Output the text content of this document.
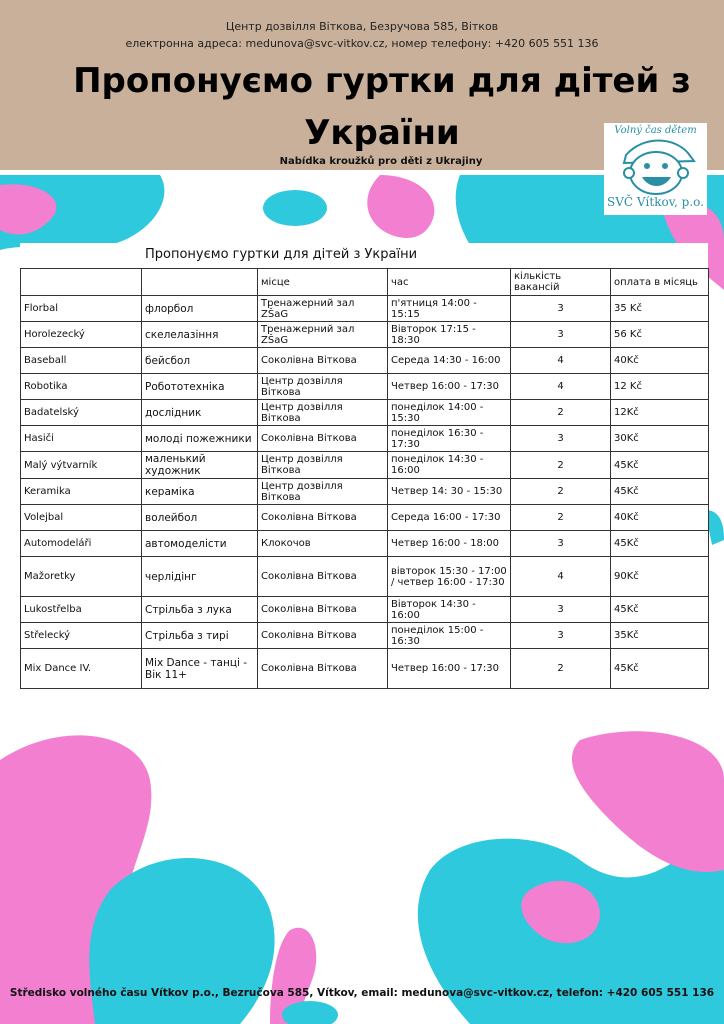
Центр дозвілля Віткова, Безручова 585, Вітков
електронна адреса: medunova@svc-vitkov.cz, номер телефону: +420 605 551 136
Пропонуємо гуртки для дітей з України
Nabídka kroužků pro děti z Ukrajiny
Volný čas dětem
SVČ Vítkov, p.o.
Пропонуємо гуртки для дітей з України
		місце	час	кількість вакансій	оплата в місяць
Florbal	флорбол	Тренажерний зал ZŠaG	п'ятниця 14:00 - 15:15	3	35 Kč
Horolezecký	скелелазіння	Тренажерний зал ZŠaG	Вівторок 17:15 - 18:30	3	56 Kč
Baseball	бейсбол	Соколівна Віткова	Середа 14:30 - 16:00	4	40Kč
Robotika	Робототехніка	Центр дозвілля Віткова	Четвер 16:00 - 17:30	4	12 Kč
Badatelský	дослідник	Центр дозвілля Віткова	понеділок 14:00 - 15:30	2	12Kč
Hasiči	молоді пожежники	Соколівна Віткова	понеділок 16:30 - 17:30	3	30Kč
Malý výtvarník	маленький художник	Центр дозвілля Віткова	понеділок 14:30 - 16:00	2	45Kč
Keramika	кераміка	Центр дозвілля Віткова	Четвер 14: 30 - 15:30	2	45Kč
Volejbal	волейбол	Соколівна Віткова	Середа 16:00 - 17:30	2	40Kč
Automodeláři	автомоделісти	Клокочов	Четвер 16:00 - 18:00	3	45Kč
Mažoretky	черлідінг	Соколівна Віткова	вівторок 15:30 - 17:00 / четвер 16:00 - 17:30	4	90Kč
Lukostřelba	Стрільба з лука	Соколівна Віткова	Вівторок 14:30 - 16:00	3	45Kč
Střelecký	Стрільба з тирі	Соколівна Віткова	понеділок 15:00 - 16:30	3	35Kč
Mix Dance IV.	Mix Dance - танці - Вік 11+	Соколівна Віткова	Четвер 16:00 - 17:30	2	45Kč
Středisko volného času Vítkov p.o., Bezručova 585, Vítkov, email: medunova@svc-vitkov.cz, telefon: +420 605 551 136
